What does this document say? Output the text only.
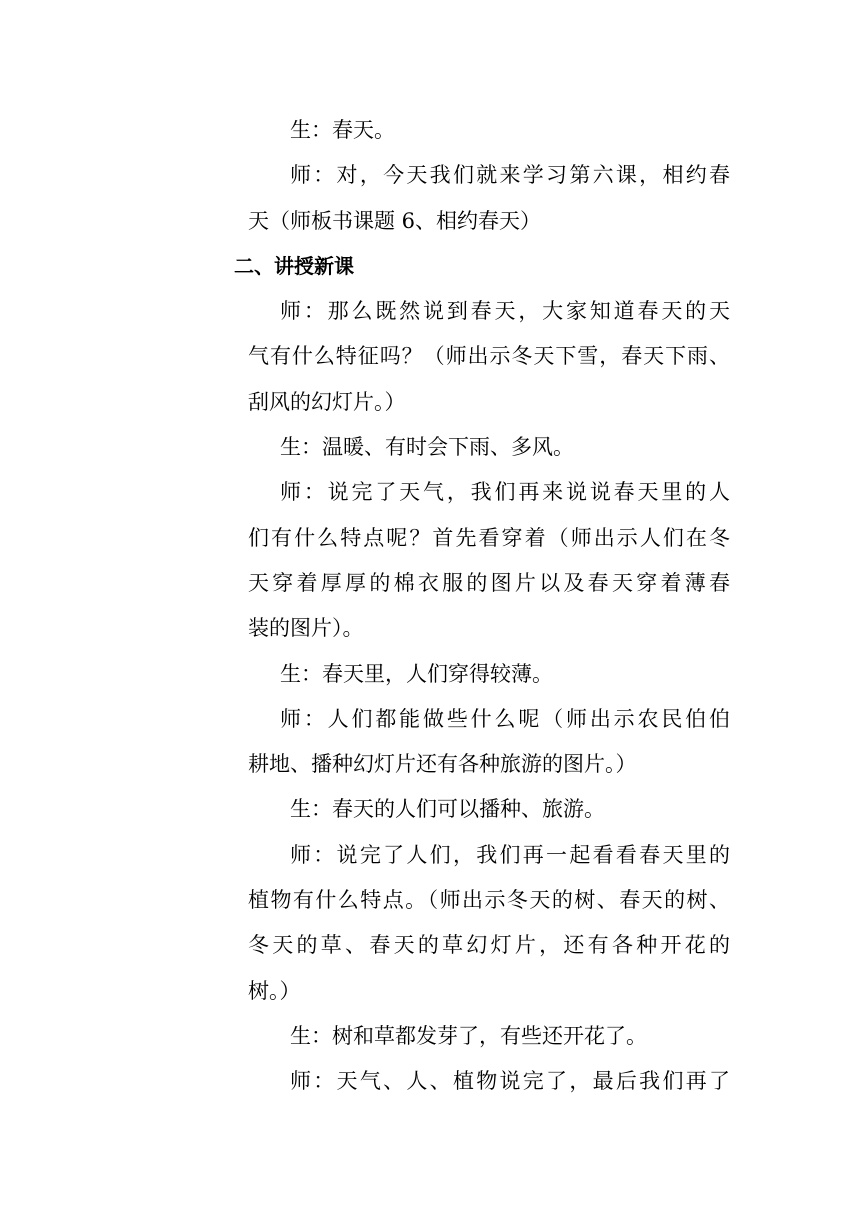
生：春天。
师：对，今天我们就来学习第六课，相约春
天（师板书课题 6、相约春天）
二、讲授新课
师：那么既然说到春天，大家知道春天的天
气有什么特征吗？（师出示冬天下雪，春天下雨、
刮风的幻灯片。）
生：温暖、有时会下雨、多风。
师：说完了天气，我们再来说说春天里的人
们有什么特点呢？首先看穿着（师出示人们在冬
天穿着厚厚的棉衣服的图片以及春天穿着薄春
装的图片）。
生：春天里，人们穿得较薄。
师：人们都能做些什么呢（师出示农民伯伯
耕地、播种幻灯片还有各种旅游的图片。）
生：春天的人们可以播种、旅游。
师：说完了人们，我们再一起看看春天里的
植物有什么特点。（师出示冬天的树、春天的树、
冬天的草、春天的草幻灯片，还有各种开花的
树。）
生：树和草都发芽了，有些还开花了。
师：天气、人、植物说完了，最后我们再了
